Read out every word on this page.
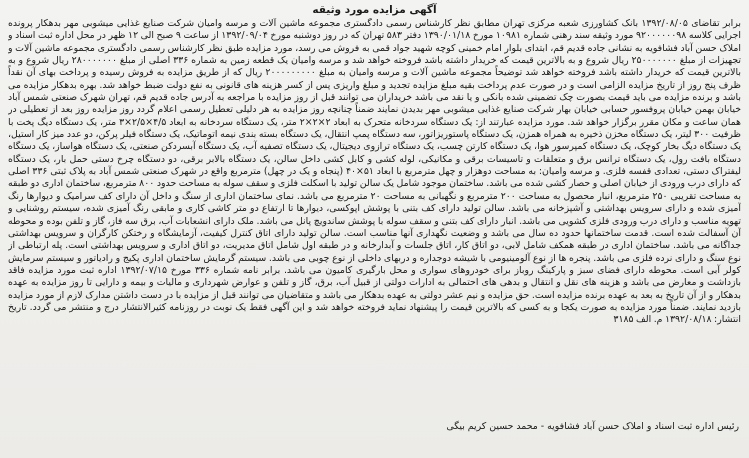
آگهی مزایده مورد وثیقه

برابر تقاضای ۱۳۹۲/۰۸/۰۵ بانک کشاورزی شعبه مرکزی تهران مطابق نظر کارشناس رسمی دادگستری مجموعه ماشین آلات و مرسه وامیان شرکت صنایع غذایی میشوبی مهر بدهکار پرونده اجرایی کلاسه ۹۲۰۰۰۰۰۰۹۸ مورد وثیقه سند رهنی شماره ۱۰۹۸۱ مورخ ۱۳۹۰/۰۱/۱۸ دفتر ۵۸۳ تهران که در روز دوشنبه مورخ ۱۳۹۲/۰۹/۰۴ از ساعت ۹ صبح الی ۱۲ ظهر در محل اداره ثبت اسناد و املاک حسن آباد فشافویه به نشانی جاده قدیم قم، ابتدای بلوار امام خمینی کوچه شهید جواد قمی به فروش می رسد، مورد مزایده طبق نظر کارشناس رسمی دادگستری مجموعه ماشین آلات و تجهیزات از مبلغ ۲۵۰۰۰۰۰۰۰ ریال شروع و به بالاترین قیمت که خریدار داشته باشد فروخته خواهد شد و مرسه وامیان یک قطعه زمین به شماره ۳۳۶ اصلی از مبلغ ۲۸۰۰۰۰۰۰۰ ریال شروع و به بالاترین قیمت که خریدار داشته باشد فروخته خواهد شد توضیحاً مجموعه ماشین آلات و مرسه وامیان به مبلغ ۲۰۰۰۰۰۰۰۰۰ ریال که از طریق مزایده به فروش رسیده و پرداخت بهای آن نقداً ظرف پنج روز از تاریخ مزایده الزامی است و در صورت عدم پرداخت بقیه مبلغ مزایده تجدید و مبلغ واریزی پس از کسر هزینه های قانونی به نفع دولت ضبط خواهد شد. بهره بدهکار مزایده می باشد و برنده مزایده می باید قیمت بصورت چک تضمینی شده بانکی و یا نقد می باشد خریداران می توانند قبل از روز مزایده با مراجعه به آدرس جاده قدیم قم، تهران شهرک صنعتی شمس آباد خیابان بهمن خیابان پروفسور حسابی خیابان بهار شرکت صنایع غذایی میشوبی مهر بدیدن نمایند ضمناً چنانچه روز مزایده به هر دلیلی تعطیل رسمی اعلام گردد روز مزایده روز بعد از تعطیلی در همان ساعت و مکان مقرر برگزار خواهد شد. مورد مزایده عبارتند از: یک دستگاه سردخانه متحرک به ابعاد ۲×۲×۲ متر، یک دستگاه سردخانه به ابعاد ۴/۵×۲/۵×۳ متر، یک دستگاه دیگ پخت با ظرفیت ۳۰۰ لیتر، یک دستگاه مخزن ذخیره به همراه همزن، یک دستگاه پاستوریزاتور، سه دستگاه پمپ انتقال، یک دستگاه بسته بندی نیمه اتوماتیک، یک دستگاه فیلر پرکن، دو عدد میز کار استیل، یک دستگاه دیگ بخار کوچک، یک دستگاه کمپرسور هوا، یک دستگاه کارتن چسب، یک دستگاه ترازوی دیجیتال، یک دستگاه تصفیه آب، یک دستگاه آبسردکن صنعتی، یک دستگاه هواساز، یک دستگاه دستگاه بافت رول، یک دستگاه ترانس برق و متعلقات و تاسیسات برقی و مکانیکی، لوله کشی و کابل کشی داخل سالن، یک دستگاه بالابر برقی، دو دستگاه چرخ دستی حمل بار، یک دستگاه لیفتراک دستی، تعدادی قفسه فلزی. و مرسه وامیان: به مساحت دوهزار و چهل مترمربع با ابعاد ۵۱×۴۰ (پنجاه و یک در چهل) مترمربع واقع در شهرک صنعتی شمس آباد به پلاک ثبتی ۳۳۶ اصلی که دارای درب ورودی از خیابان اصلی و حصار کشی شده می باشد. ساختمان موجود شامل یک سالن تولید با اسکلت فلزی و سقف سوله به مساحت حدود ۸۰۰ مترمربع، ساختمان اداری دو طبقه به مساحت تقریبی ۲۵۰ مترمربع، انبار محصول به مساحت ۲۰۰ مترمربع و نگهبانی به مساحت ۲۰ مترمربع می باشد. نمای ساختمان اداری از سنگ و داخل آن دارای کف سرامیک و دیوارها رنگ آمیزی شده و دارای سرویس بهداشتی و آشپزخانه می باشد. سالن تولید دارای کف بتنی با پوشش اپوکسی، دیوارها تا ارتفاع دو متر کاشی کاری و مابقی رنگ آمیزی شده، سیستم روشنایی و تهویه مناسب و دارای درب ورودی فلزی کشویی می باشد. انبار دارای کف بتنی و سقف سوله با پوشش ساندویچ پانل می باشد. ملک دارای انشعابات آب، برق سه فاز، گاز و تلفن بوده و محوطه آن آسفالت شده است. قدمت ساختمانها حدود ده سال می باشد و وضعیت نگهداری آنها مناسب است. سالن تولید دارای اتاق کنترل کیفیت، آزمایشگاه و رختکن کارگران و سرویس بهداشتی جداگانه می باشد. ساختمان اداری در طبقه همکف شامل لابی، دو اتاق کار، اتاق جلسات و آبدارخانه و در طبقه اول شامل اتاق مدیریت، دو اتاق اداری و سرویس بهداشتی است. پله ارتباطی از نوع سنگ و دارای نرده فلزی می باشد. پنجره ها از نوع آلومینیومی با شیشه دوجداره و دربهای داخلی از نوع چوبی می باشد. سیستم گرمایش ساختمان اداری پکیج و رادیاتور و سیستم سرمایش کولر آبی است. محوطه دارای فضای سبز و پارکینگ روباز برای خودروهای سواری و محل بارگیری کامیون می باشد. برابر نامه شماره ۳۳۶ مورخ ۱۳۹۲/۰۷/۱۵ اداره ثبت مورد مزایده فاقد بازداشت و معارض می باشد و هزینه های نقل و انتقال و بدهی های احتمالی به ادارات دولتی از قبیل آب، برق، گاز و تلفن و عوارض شهرداری و مالیات و بیمه و دارایی تا روز مزایده به عهده بدهکار و از آن تاریخ به بعد به عهده برنده مزایده است. حق مزایده و نیم عشر دولتی به عهده بدهکار می باشد و متقاضیان می توانند قبل از مزایده با در دست داشتن مدارک لازم از مورد مزایده بازدید نمایند. ضمناً مورد مزایده به صورت یکجا و به کسی که بالاترین قیمت را پیشنهاد نماید فروخته خواهد شد و این آگهی فقط یک نوبت در روزنامه کثیرالانتشار درج و منتشر می گردد. تاریخ انتشار: ۱۳۹۲/۰۸/۱۸ م. الف ۳۱۸۵

رئیس اداره ثبت اسناد و املاک حسن آباد فشافویه - محمد حسین کریم بیگی
